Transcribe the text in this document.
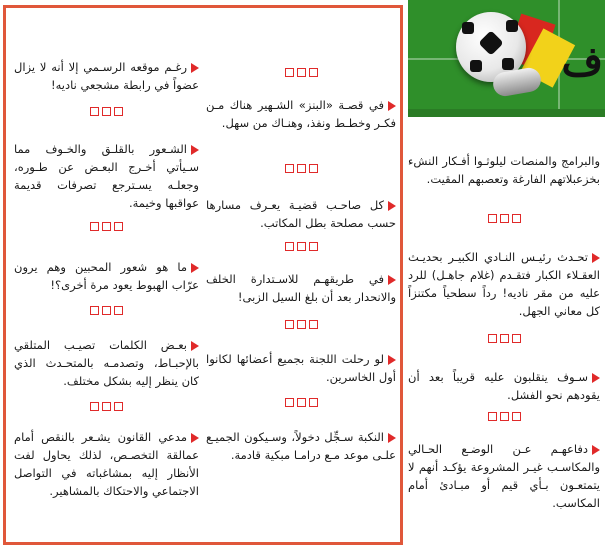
ف
في قصـة «البنز» الشـهير هناك مـن فكـر وخطـط ونفذ، وهنـاك من سهل.
كل صاحـب قضيـة يعـرف مسارها حسب مصلحة بطل المكاتب.
في طريقهـم للاسـتدارة الخلف والانحدار بعد أن بلغ السيل الزبى!
لو رحلت اللجنة بجميع أعضائها لكانوا أول الخاسرين.
النكبة سـجِّل دخولاً، وسـيكون الجميـع علـى موعد مـع درامـا مبكية قادمة.
رغـم موقعه الرسـمي إلا أنه لا يزال عضواً في رابطة مشجعي ناديه!
الشـعور بالقلـق والخـوف مما سـيأتي أخـرج البعـض عن طـوره، وجعلـه يسـترجع تصرفات قديمة عواقبها وخيمة.
ما هو شعور المحبين وهم يرون عرّاب الهبوط يعود مرة أخرى؟!
بعـض الكلمات تصيـب المتلقي بالإحبـاط، وتصدمـه بالمتحـدث الذي كان ينظر إليه بشكل مختلف.
مدعي القانون يشـعر بالنقص أمام عمالقة التخصـص، لذلك يحاول لفت الأنظار إليه بمشاغباته في التواصل الاجتماعي والاحتكاك بالمشاهير.
والبرامج والمنصات ليلوثـوا أفـكار النشء بخزعبلاتهم الفارغة وتعصبهم المقيت.
تحـدث رئيـس النـادي الكبيـر بحديـث العقـلاء الكبار فتقـدم (غلام جاهـل) للرد عليه من مقر ناديه! رداً سطحياً مكتنزاً كل معاني الجهل.
سـوف ينقلبون عليه قريباً بعد أن يقودهم نحو الفشل.
دفاعهـم عـن الوضـع الحـالي والمكاسـب غيـر المشروعة يؤكـد أنهم لا يتمتعـون بـأي قيم أو مبـادئ أمام المكاسب.
